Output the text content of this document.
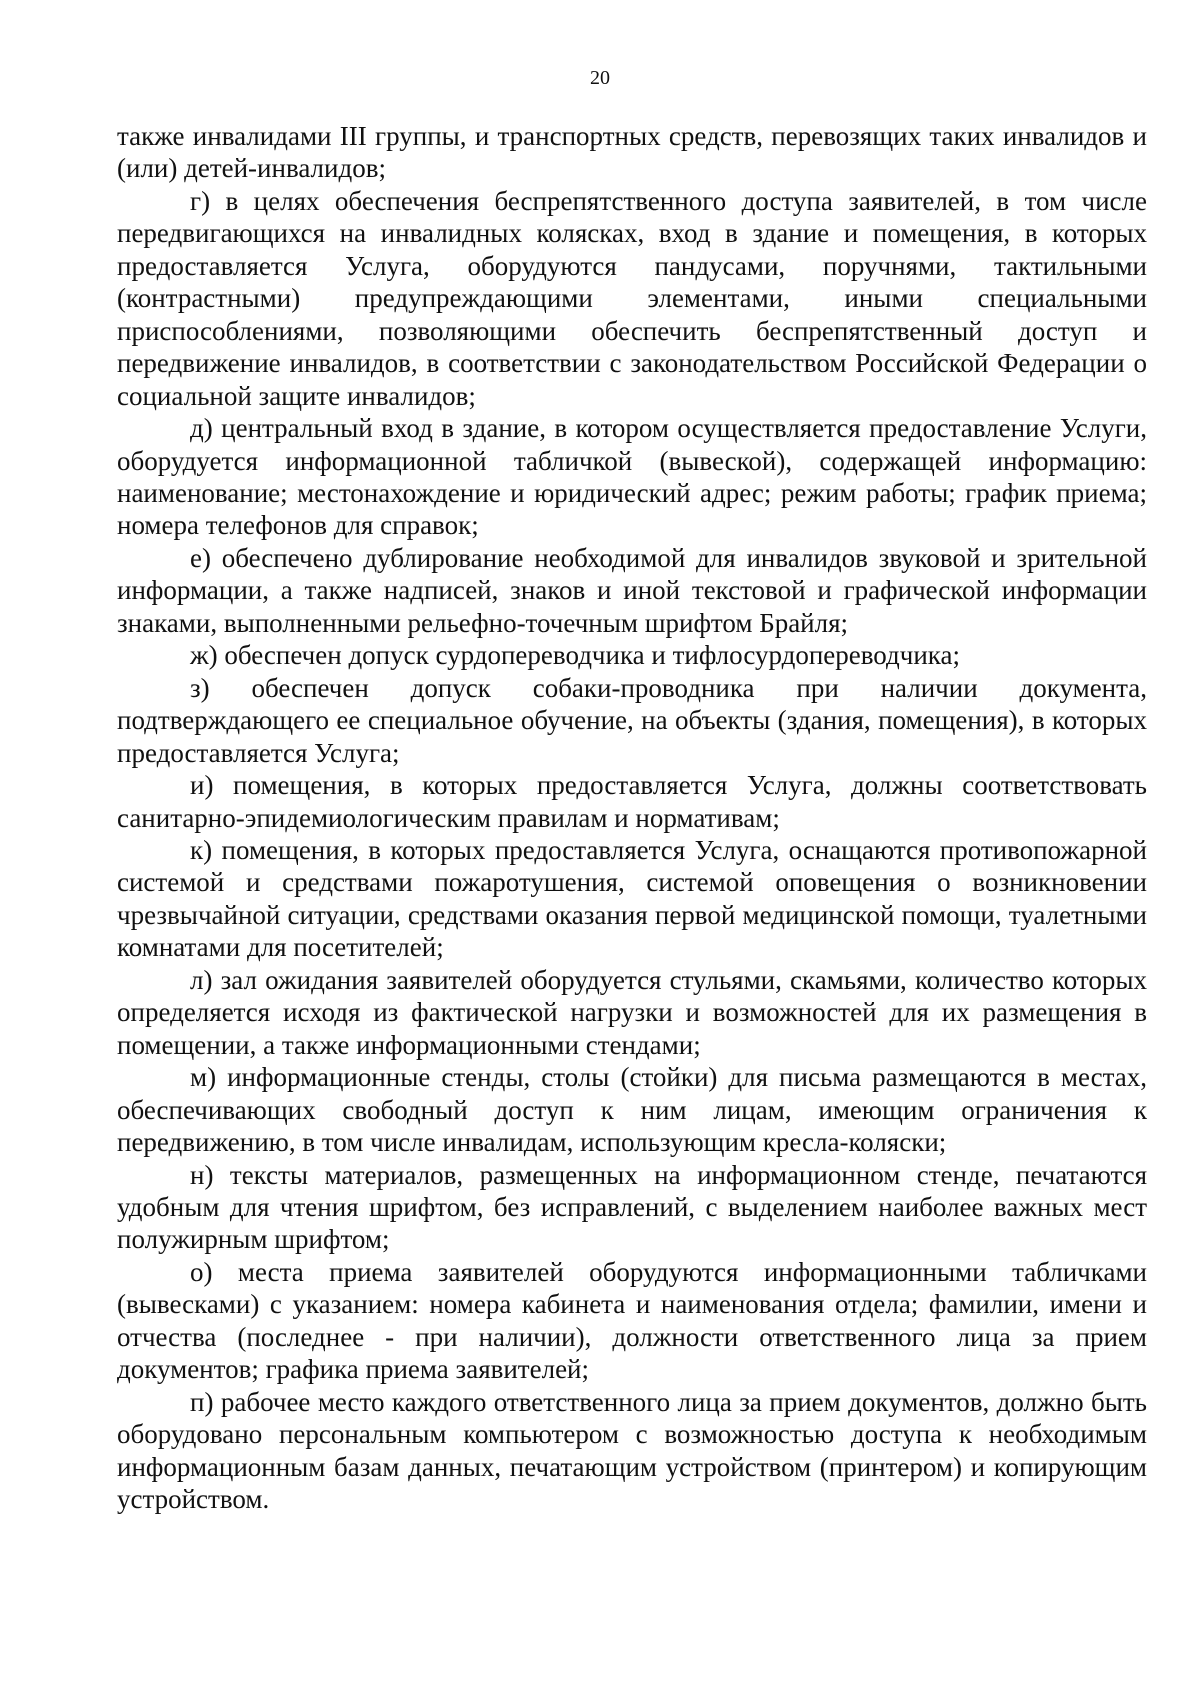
20

также инвалидами III группы, и транспортных средств, перевозящих таких инвалидов и (или) детей-инвалидов;

г) в целях обеспечения беспрепятственного доступа заявителей, в том числе передвигающихся на инвалидных колясках, вход в здание и помещения, в которых предоставляется Услуга, оборудуются пандусами, поручнями, тактильными (контрастными) предупреждающими элементами, иными специальными приспособлениями, позволяющими обеспечить беспрепятственный доступ и передвижение инвалидов, в соответствии с законодательством Российской Федерации о социальной защите инвалидов;

д) центральный вход в здание, в котором осуществляется предоставление Услуги, оборудуется информационной табличкой (вывеской), содержащей информацию: наименование; местонахождение и юридический адрес; режим работы; график приема; номера телефонов для справок;

е) обеспечено дублирование необходимой для инвалидов звуковой и зрительной информации, а также надписей, знаков и иной текстовой и графической информации знаками, выполненными рельефно-точечным шрифтом Брайля;

ж) обеспечен допуск сурдопереводчика и тифлосурдопереводчика;

з) обеспечен допуск собаки-проводника при наличии документа, подтверждающего ее специальное обучение, на объекты (здания, помещения), в которых предоставляется Услуга;

и) помещения, в которых предоставляется Услуга, должны соответствовать санитарно-эпидемиологическим правилам и нормативам;

к) помещения, в которых предоставляется Услуга, оснащаются противопожарной системой и средствами пожаротушения, системой оповещения о возникновении чрезвычайной ситуации, средствами оказания первой медицинской помощи, туалетными комнатами для посетителей;

л) зал ожидания заявителей оборудуется стульями, скамьями, количество которых определяется исходя из фактической нагрузки и возможностей для их размещения в помещении, а также информационными стендами;

м) информационные стенды, столы (стойки) для письма размещаются в местах, обеспечивающих свободный доступ к ним лицам, имеющим ограничения к передвижению, в том числе инвалидам, использующим кресла-коляски;

н) тексты материалов, размещенных на информационном стенде, печатаются удобным для чтения шрифтом, без исправлений, с выделением наиболее важных мест полужирным шрифтом;

о) места приема заявителей оборудуются информационными табличками (вывесками) с указанием: номера кабинета и наименования отдела; фамилии, имени и отчества (последнее - при наличии), должности ответственного лица за прием документов; графика приема заявителей;

п) рабочее место каждого ответственного лица за прием документов, должно быть оборудовано персональным компьютером с возможностью доступа к необходимым информационным базам данных, печатающим устройством (принтером) и копирующим устройством.
